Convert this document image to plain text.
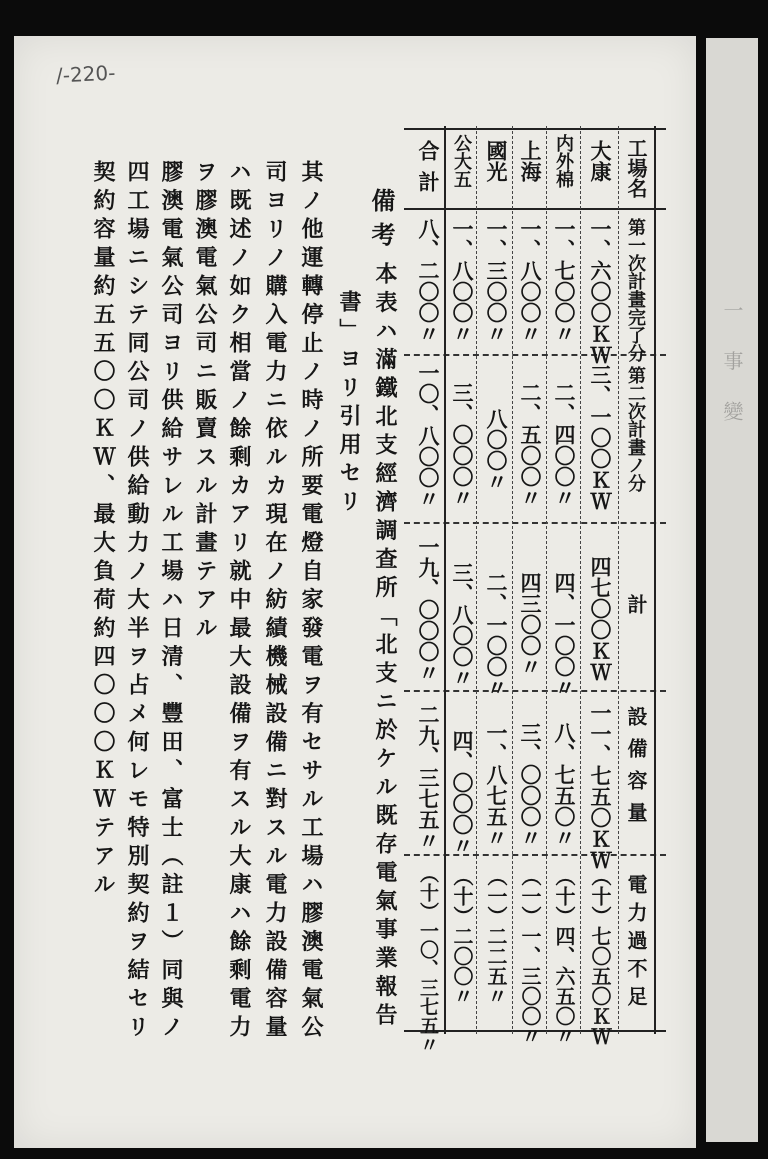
一 事 變
/-220-
備考
本表ハ滿鐵北支經濟調查所「北支ニ於ケル既存電氣事業報告
書」ヨリ引用セリ
其ノ他運轉停止ノ時ノ所要電燈自家發電ヲ有セサル工場ハ膠澳電氣公
司ヨリノ購入電力ニ依ルカ現在ノ紡績機械設備ニ對スル電力設備容量
ハ既述ノ如ク相當ノ餘剩カアリ就中最大設備ヲ有スル大康ハ餘剩電力
ヲ膠澳電氣公司ニ販賣スル計畫テアル
膠澳電氣公司ヨリ供給サレル工場ハ日清、豐田、富士（註１）同與ノ
四工場ニシテ同公司ノ供給動力ノ大半ヲ占メ何レモ特別契約ヲ結セリ
契約容量約五五〇〇ＫＷ、最大負荷約四〇〇〇ＫＷテアル	工場名
第一次計畫完了分
第二次計畫ノ分
計
設備容量
電力過不足
大康
一、六〇〇ＫＷ
三、一〇〇ＫＷ
四七〇〇ＫＷ
一一、七五〇ＫＷ
（十）七〇五〇ＫＷ
内外棉
一、七〇〇〃
二、四〇〇〃
四、一〇〇〃
八、七五〇〃
（十）四、六五〇〃
上海
一、八〇〇〃
二、五〇〇〃
四三〇〇〃
三、〇〇〇〃
（一）一、三〇〇〃
國光
一、三〇〇〃
八〇〇〃
二、一〇〇〃
一、八七五〃
（一）二二五〃
公大五
一、八〇〇〃
三、〇〇〇〃
三、八〇〇〃
四、〇〇〇〃
（十）二〇〇〃
合計
八、二〇〇〃
一〇、八〇〇〃
一九、〇〇〇〃
二九、三七五〃
（十）一〇、三七五〃
